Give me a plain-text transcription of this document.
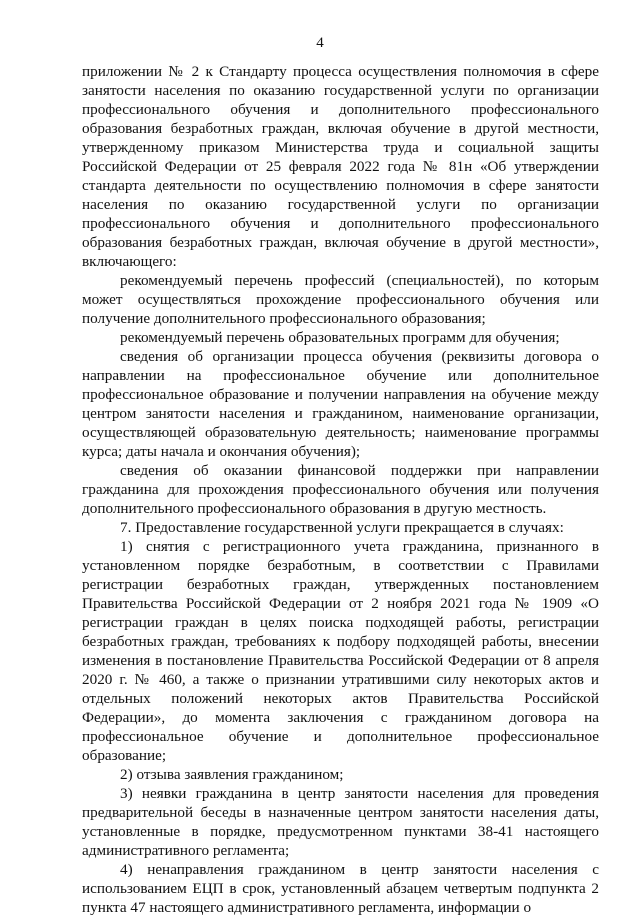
4

приложении № 2 к Стандарту процесса осуществления полномочия в сфере занятости населения по оказанию государственной услуги по организации профессионального обучения и дополнительного профессионального образования безработных граждан, включая обучение в другой местности, утвержденному приказом Министерства труда и социальной защиты Российской Федерации от 25 февраля 2022 года № 81н «Об утверждении стандарта деятельности по осуществлению полномочия в сфере занятости населения по оказанию государственной услуги по организации профессионального обучения и дополнительного профессионального образования безработных граждан, включая обучение в другой местности», включающего:

рекомендуемый перечень профессий (специальностей), по которым может осуществляться прохождение профессионального обучения или получение дополнительного профессионального образования;

рекомендуемый перечень образовательных программ для обучения;

сведения об организации процесса обучения (реквизиты договора о направлении на профессиональное обучение или дополнительное профессиональное образование и получении направления на обучение между центром занятости населения и гражданином, наименование организации, осуществляющей образовательную деятельность; наименование программы курса; даты начала и окончания обучения);

сведения об оказании финансовой поддержки при направлении гражданина для прохождения профессионального обучения или получения дополнительного профессионального образования в другую местность.

7. Предоставление государственной услуги прекращается в случаях:

1) снятия с регистрационного учета гражданина, признанного в установленном порядке безработным, в соответствии с Правилами регистрации безработных граждан, утвержденных постановлением Правительства Российской Федерации от 2 ноября 2021 года № 1909 «О регистрации граждан в целях поиска подходящей работы, регистрации безработных граждан, требованиях к подбору подходящей работы, внесении изменения в постановление Правительства Российской Федерации от 8 апреля 2020 г. № 460, а также о признании утратившими силу некоторых актов и отдельных положений некоторых актов Правительства Российской Федерации», до момента заключения с гражданином договора на профессиональное обучение и дополнительное профессиональное образование;

2) отзыва заявления гражданином;

3) неявки гражданина в центр занятости населения для проведения предварительной беседы в назначенные центром занятости населения даты, установленные в порядке, предусмотренном пунктами 38-41 настоящего административного регламента;

4) ненаправления гражданином в центр занятости населения с использованием ЕЦП в срок, установленный абзацем четвертым подпункта 2 пункта 47 настоящего административного регламента, информации о
